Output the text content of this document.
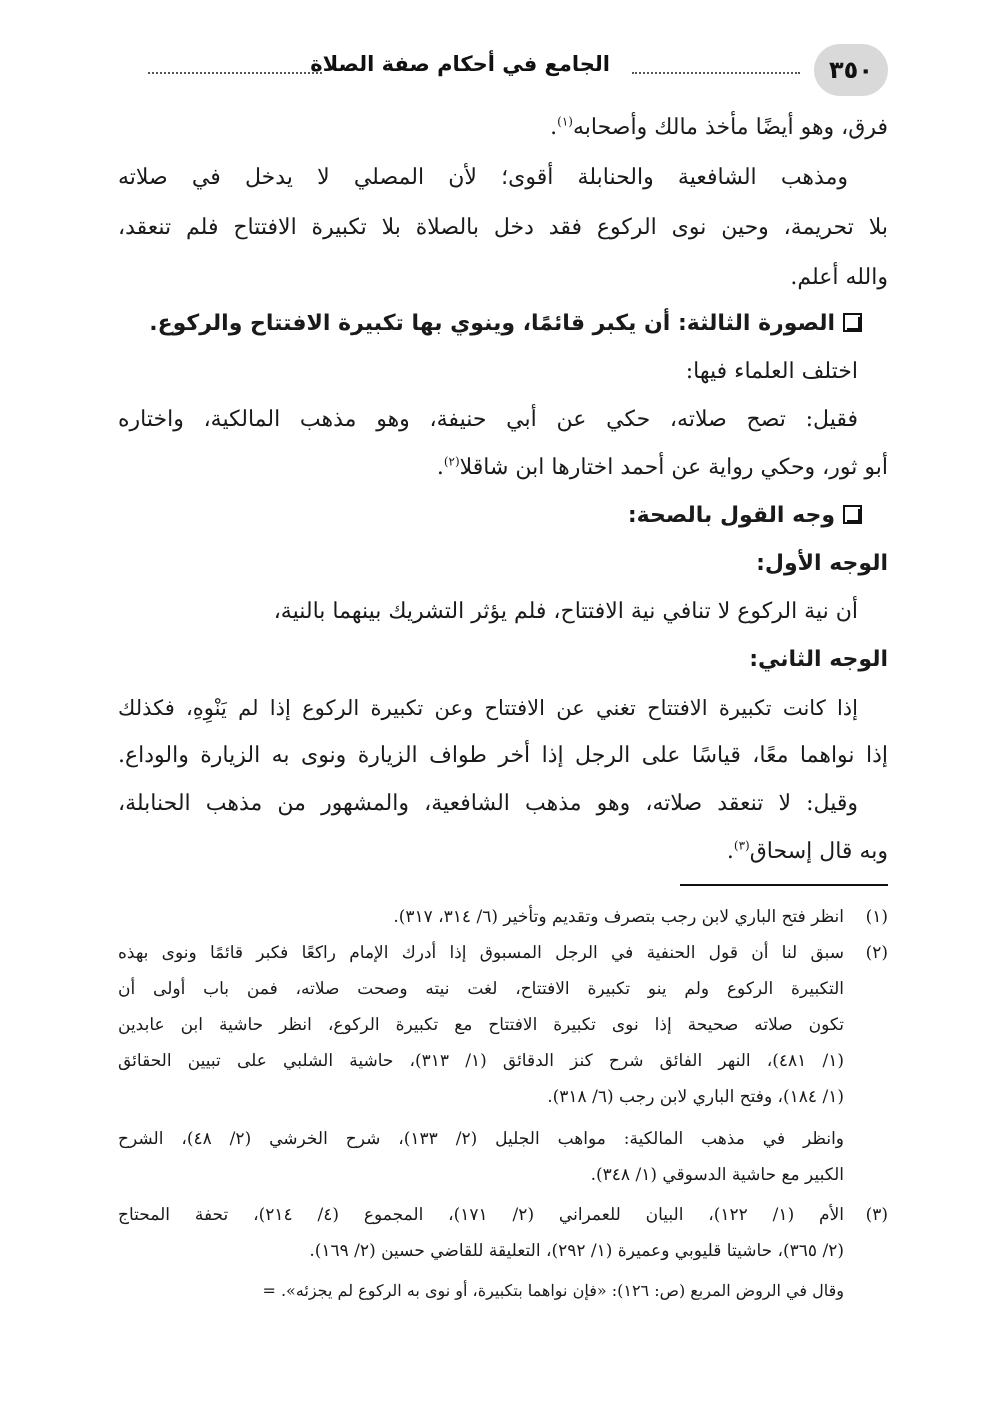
٣٥٠
الجامع في أحكام صفة الصلاة
فرق، وهو أيضًا مأخذ مالك وأصحابه$^{(١)}$.
ومذهب الشافعية والحنابلة أقوى؛ لأن المصلي لا يدخل في صلاته
بلا تحريمة، وحين نوى الركوع فقد دخل بالصلاة بلا تكبيرة الافتتاح فلم تنعقد،
والله أعلم.
الصورة الثالثة: أن يكبر قائمًا، وينوي بها تكبيرة الافتتاح والركوع.
اختلف العلماء فيها:
فقيل: تصح صلاته، حكي عن أبي حنيفة، وهو مذهب المالكية، واختاره
أبو ثور، وحكي رواية عن أحمد اختارها ابن شاقلا$^{(٢)}$.
وجه القول بالصحة:
الوجه الأول:
أن نية الركوع لا تنافي نية الافتتاح، فلم يؤثر التشريك بينهما بالنية،
الوجه الثاني:
إذا كانت تكبيرة الافتتاح تغني عن الافتتاح وعن تكبيرة الركوع إذا لم يَنْوِهِ، فكذلك
إذا نواهما معًا، قياسًا على الرجل إذا أخر طواف الزيارة ونوى به الزيارة والوداع.
وقيل: لا تنعقد صلاته، وهو مذهب الشافعية، والمشهور من مذهب الحنابلة،
وبه قال إسحاق$^{(٣)}$.
(١)انظر فتح الباري لابن رجب بتصرف وتقديم وتأخير (٦/ ٣١٤، ٣١٧).
(٢)سبق لنا أن قول الحنفية في الرجل المسبوق إذا أدرك الإمام راكعًا فكبر قائمًا ونوى بهذه
التكبيرة الركوع ولم ينو تكبيرة الافتتاح، لغت نيته وصحت صلاته، فمن باب أولى أن
تكون صلاته صحيحة إذا نوى تكبيرة الافتتاح مع تكبيرة الركوع، انظر حاشية ابن عابدين
(١/ ٤٨١)، النهر الفائق شرح كنز الدقائق (١/ ٣١٣)، حاشية الشلبي على تبيين الحقائق
(١/ ١٨٤)، وفتح الباري لابن رجب (٦/ ٣١٨).
وانظر في مذهب المالكية: مواهب الجليل (٢/ ١٣٣)، شرح الخرشي (٢/ ٤٨)، الشرح
الكبير مع حاشية الدسوقي (١/ ٣٤٨).
(٣)الأم (١/ ١٢٢)، البيان للعمراني (٢/ ١٧١)، المجموع (٤/ ٢١٤)، تحفة المحتاج
(٢/ ٣٦٥)، حاشيتا قليوبي وعميرة (١/ ٢٩٢)، التعليقة للقاضي حسين (٢/ ١٦٩).
وقال في الروض المربع (ص: ١٢٦): «فإن نواهما بتكبيرة، أو نوى به الركوع لم يجزئه». =
